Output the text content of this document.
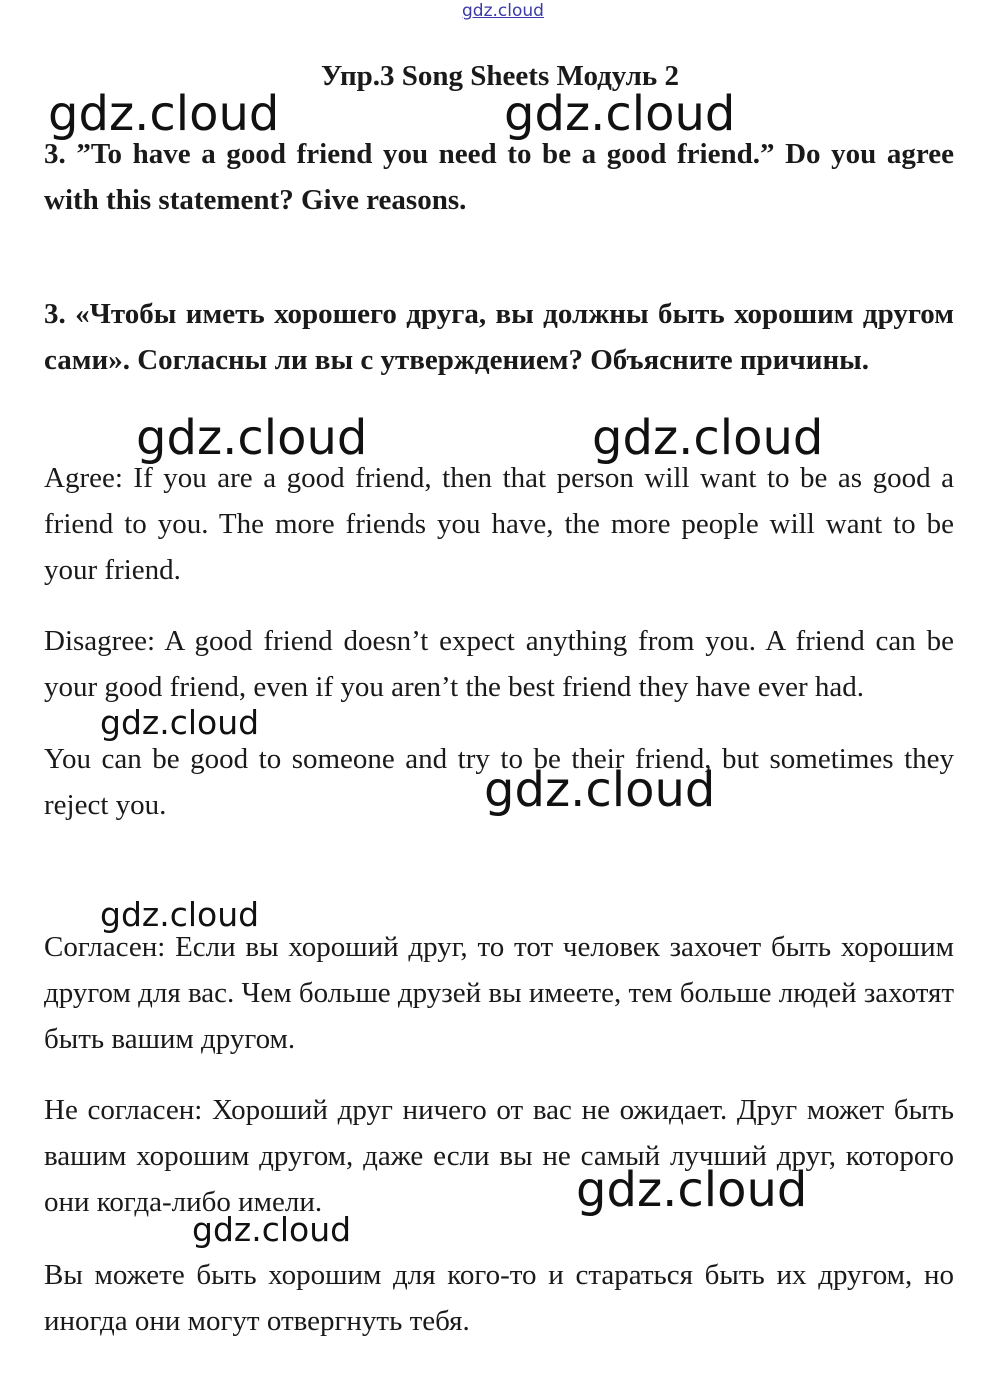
gdz.cloud
Упр.3 Song Sheets Модуль 2

3. ”To have a good friend you need to be a good friend.” Do you agree with this statement? Give reasons.

3. «Чтобы иметь хорошего друга, вы должны быть хорошим другом сами». Согласны ли вы с утверждением? Объясните причины.

Agree: If you are a good friend, then that person will want to be as good a friend to you. The more friends you have, the more people will want to be your friend.

Disagree: A good friend doesn’t expect anything from you. A friend can be your good friend, even if you aren’t the best friend they have ever had.

You can be good to someone and try to be their friend, but sometimes they reject you.

Согласен: Если вы хороший друг, то тот человек захочет быть хорошим другом для вас. Чем больше друзей вы имеете, тем больше людей захотят быть вашим другом.

Не согласен: Хороший друг ничего от вас не ожидает. Друг может быть вашим хорошим другом, даже если вы не самый лучший друг, которого они когда-либо имели.

Вы можете быть хорошим для кого-то и стараться быть их другом, но иногда они могут отвергнуть тебя.

gdz.cloud	gdz.cloud
gdz.cloud	gdz.cloud
gdz.cloud
gdz.cloud
gdz.cloud
gdz.cloud
gdz.cloud
